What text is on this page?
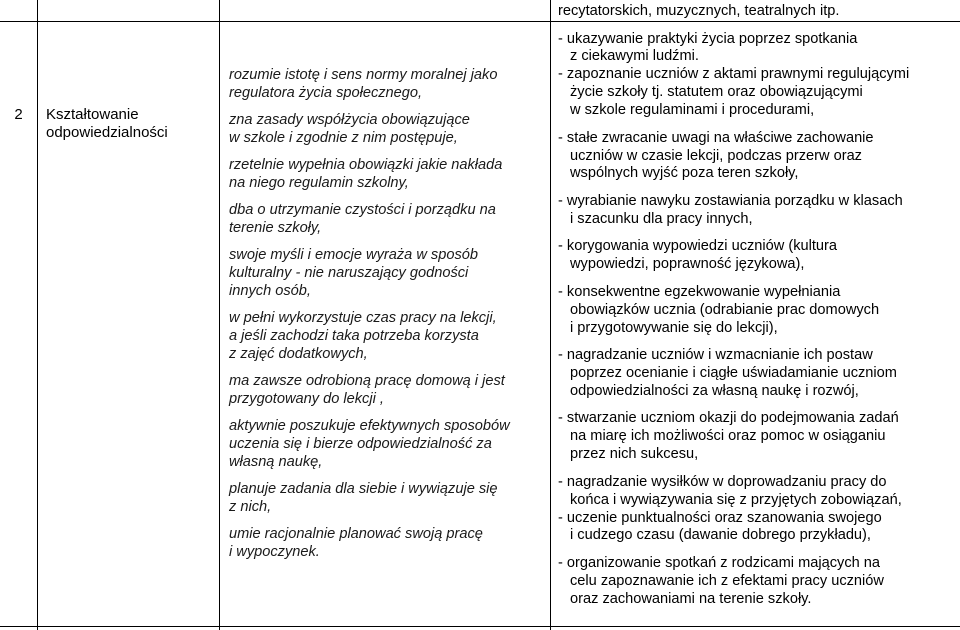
2	Kształtowanie
odpowiedzialności
rozumie istotę i sens normy moralnej jako
regulatora życia społecznego,
zna zasady współżycia obowiązujące
w szkole i zgodnie z nim postępuje,
rzetelnie wypełnia obowiązki jakie nakłada
na niego regulamin szkolny,
dba o utrzymanie czystości i porządku na
terenie szkoły,
swoje myśli i emocje wyraża w sposób
kulturalny - nie naruszający godności
innych osób,
w pełni wykorzystuje czas pracy na lekcji,
a jeśli zachodzi taka potrzeba korzysta
z zajęć dodatkowych,
ma zawsze odrobioną pracę domową i jest
przygotowany do lekcji ,
aktywnie poszukuje efektywnych sposobów
uczenia się i bierze odpowiedzialność za
własną naukę,
planuje zadania dla siebie i wywiązuje się
z nich,
umie racjonalnie planować swoją pracę
i wypoczynek.
recytatorskich, muzycznych, teatralnych itp.
- ukazywanie praktyki życia poprzez spotkania
z ciekawymi ludźmi.
- zapoznanie uczniów z aktami prawnymi regulującymi
życie szkoły tj. statutem oraz obowiązującymi
w szkole regulaminami i procedurami,
- stałe zwracanie uwagi na właściwe zachowanie
uczniów w czasie lekcji, podczas przerw oraz
wspólnych wyjść poza teren szkoły,
- wyrabianie nawyku zostawiania porządku w klasach
i szacunku dla pracy innych,
- korygowania wypowiedzi uczniów (kultura
wypowiedzi, poprawność językowa),
- konsekwentne egzekwowanie wypełniania
obowiązków ucznia (odrabianie prac domowych
i przygotowywanie się do lekcji),
- nagradzanie uczniów i wzmacnianie ich postaw
poprzez ocenianie i ciągłe uświadamianie uczniom
odpowiedzialności za własną naukę i rozwój,
- stwarzanie uczniom okazji do podejmowania zadań
na miarę ich możliwości oraz pomoc w osiąganiu
przez nich sukcesu,
- nagradzanie wysiłków w doprowadzaniu pracy do
końca i wywiązywania się z przyjętych zobowiązań,
- uczenie punktualności oraz szanowania swojego
i cudzego czasu (dawanie dobrego przykładu),
- organizowanie spotkań z rodzicami mających na
celu zapoznawanie ich z efektami pracy uczniów
oraz zachowaniami na terenie szkoły.
